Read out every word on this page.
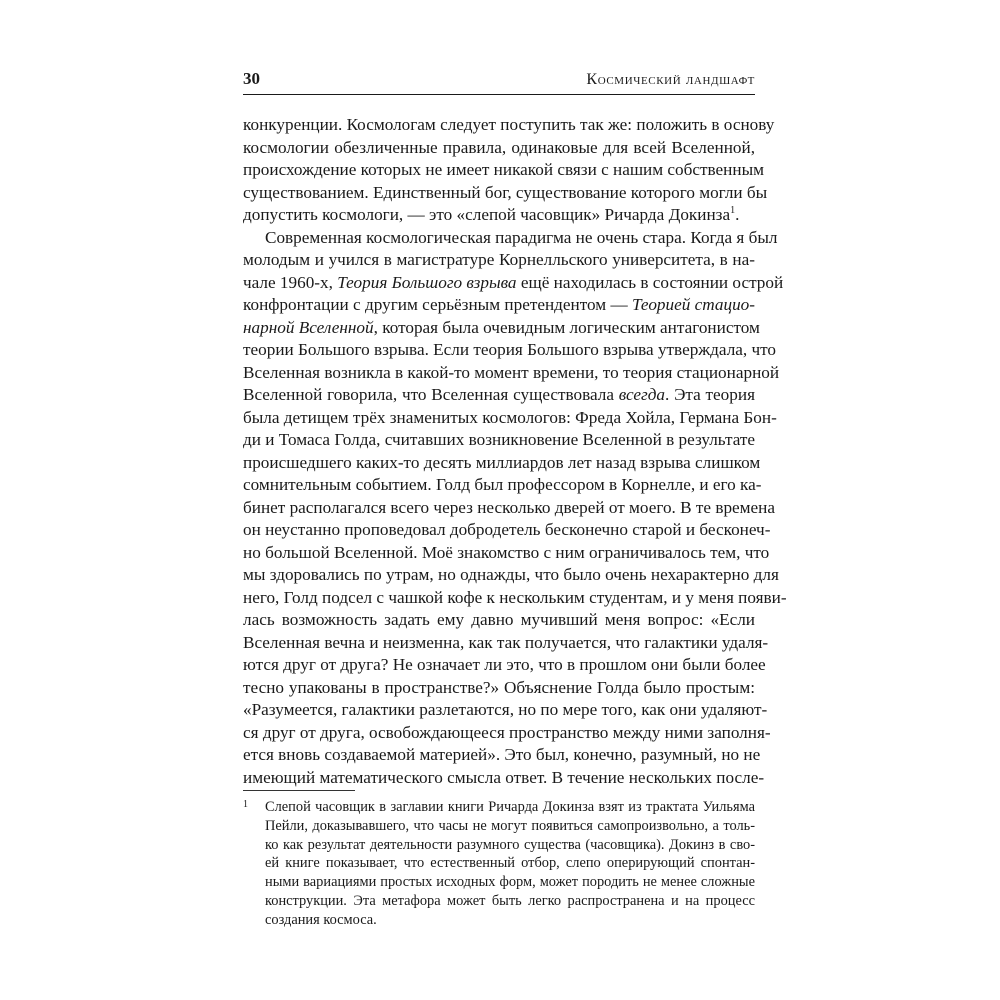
30	Космический ландшафт
конкуренции. Космологам следует поступить так же: положить в основу
космологии обезличенные правила, одинаковые для всей Вселенной,
происхождение которых не имеет никакой связи с нашим собственным
существованием. Единственный бог, существование которого могли бы
допустить космологи, — это «слепой часовщик» Ричарда Докинза$^1$.
Современная космологическая парадигма не очень стара. Когда я был
молодым и учился в магистратуре Корнелльского университета, в на-
чале 1960-х, Теория Большого взрыва ещё находилась в состоянии острой
конфронтации с другим серьёзным претендентом — Теорией стацио-
нарной Вселенной, которая была очевидным логическим антагонистом
теории Большого взрыва. Если теория Большого взрыва утверждала, что
Вселенная возникла в какой-то момент времени, то теория стационарной
Вселенной говорила, что Вселенная существовала всегда. Эта теория
была детищем трёх знаменитых космологов: Фреда Хойла, Германа Бон-
ди и Томаса Голда, считавших возникновение Вселенной в результате
происшедшего каких-то десять миллиардов лет назад взрыва слишком
сомнительным событием. Голд был профессором в Корнелле, и его ка-
бинет располагался всего через несколько дверей от моего. В те времена
он неустанно проповедовал добродетель бесконечно старой и бесконеч-
но большой Вселенной. Моё знакомство с ним ограничивалось тем, что
мы здоровались по утрам, но однажды, что было очень нехарактерно для
него, Голд подсел с чашкой кофе к нескольким студентам, и у меня появи-
лась возможность задать ему давно мучивший меня вопрос: «Если
Вселенная вечна и неизменна, как так получается, что галактики удаля-
ются друг от друга? Не означает ли это, что в прошлом они были более
тесно упакованы в пространстве?» Объяснение Голда было простым:
«Разумеется, галактики разлетаются, но по мере того, как они удаляют-
ся друг от друга, освобождающееся пространство между ними заполня-
ется вновь создаваемой материей». Это был, конечно, разумный, но не
имеющий математического смысла ответ. В течение нескольких после-
1 Слепой часовщик в заглавии книги Ричарда Докинза взят из трактата Уильяма
Пейли, доказывавшего, что часы не могут появиться самопроизвольно, а толь-
ко как результат деятельности разумного существа (часовщика). Докинз в сво-
ей книге показывает, что естественный отбор, слепо оперирующий спонтан-
ными вариациями простых исходных форм, может породить не менее сложные
конструкции. Эта метафора может быть легко распространена и на процесс
создания космоса.
